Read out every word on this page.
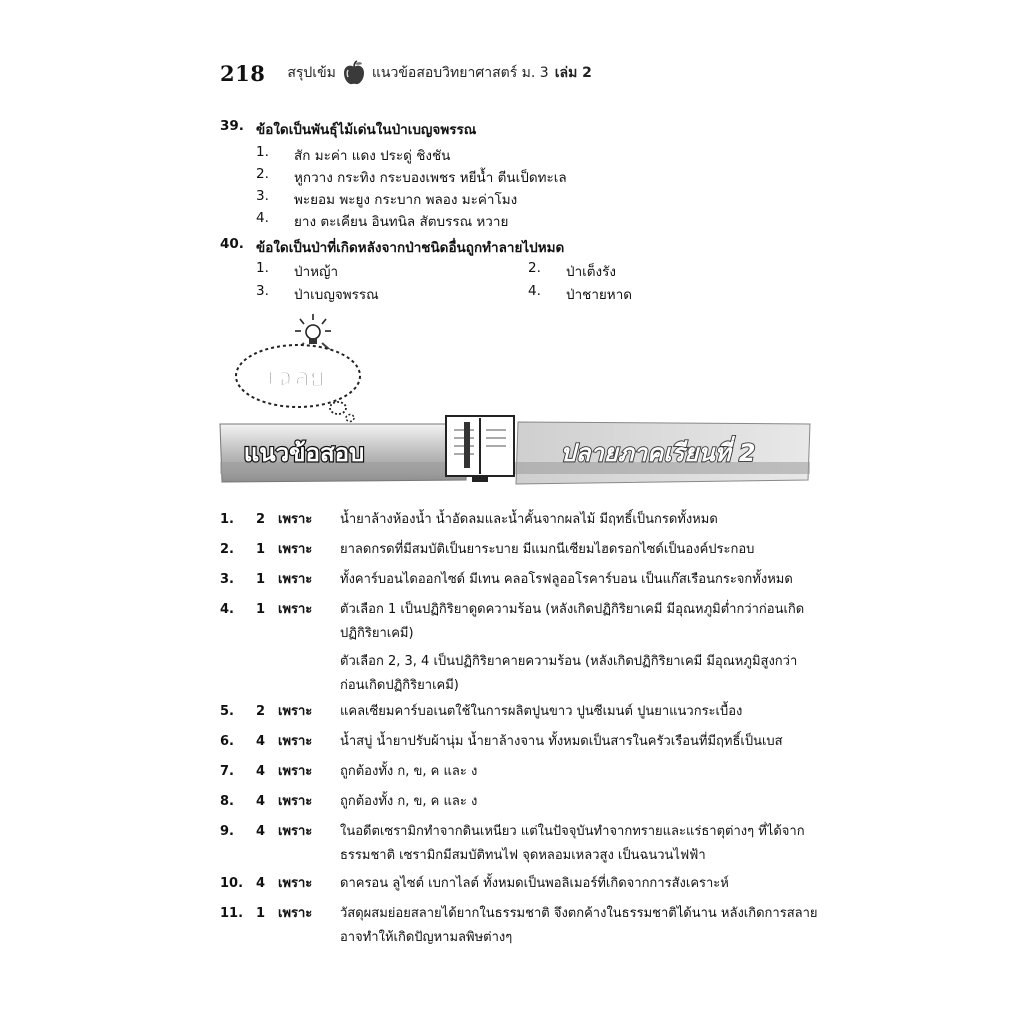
218 สรุปเข้ม	แนวข้อสอบวิทยาศาสตร์ ม. 3 เล่ม 2
39. ข้อใดเป็นพันธุ์ไม้เด่นในป่าเบญจพรรณ
1.	สัก มะค่า แดง ประดู่ ชิงชัน
2.	หูกวาง กระทิง กระบองเพชร หยีน้ำ ตีนเป็ดทะเล
3.	พะยอม พะยูง กระบาก พลอง มะค่าโมง
4.	ยาง ตะเคียน อินทนิล สัตบรรณ หวาย
40. ข้อใดเป็นป่าที่เกิดหลังจากป่าชนิดอื่นถูกทำลายไปหมด
1.	ป่าหญ้า	2.	ป่าเต็งรัง
3.	ป่าเบญจพรรณ	4.	ป่าชายหาด
เฉลย
แนวข้อสอบ	ปลายภาคเรียนที่ 2
1.	2 เพราะ น้ำยาล้างห้องน้ำ น้ำอัดลมและน้ำคั้นจากผลไม้ มีฤทธิ์เป็นกรดทั้งหมด
2.	1 เพราะ ยาลดกรดที่มีสมบัติเป็นยาระบาย มีแมกนีเซียมไฮดรอกไซด์เป็นองค์ประกอบ
3.	1 เพราะ ทั้งคาร์บอนไดออกไซด์ มีเทน คลอโรฟลูออโรคาร์บอน เป็นแก๊สเรือนกระจกทั้งหมด
4.	1 เพราะ ตัวเลือก 1 เป็นปฏิกิริยาดูดความร้อน (หลังเกิดปฏิกิริยาเคมี มีอุณหภูมิต่ำกว่าก่อนเกิดปฏิกิริยาเคมี)
ตัวเลือก 2, 3, 4 เป็นปฏิกิริยาคายความร้อน (หลังเกิดปฏิกิริยาเคมี มีอุณหภูมิสูงกว่าก่อนเกิดปฏิกิริยาเคมี)
5.	2 เพราะ แคลเซียมคาร์บอเนตใช้ในการผลิตปูนขาว ปูนซีเมนต์ ปูนยาแนวกระเบื้อง
6.	4 เพราะ น้ำสบู่ น้ำยาปรับผ้านุ่ม น้ำยาล้างจาน ทั้งหมดเป็นสารในครัวเรือนที่มีฤทธิ์เป็นเบส
7.	4 เพราะ ถูกต้องทั้ง ก, ข, ค และ ง
8.	4 เพราะ ถูกต้องทั้ง ก, ข, ค และ ง
9.	4 เพราะ ในอดีตเซรามิกทำจากดินเหนียว แต่ในปัจจุบันทำจากทรายและแร่ธาตุต่างๆ ที่ได้จากธรรมชาติ เซรามิกมีสมบัติทนไฟ จุดหลอมเหลวสูง เป็นฉนวนไฟฟ้า
10. 4 เพราะ ดาครอน ลูไซต์ เบกาไลต์ ทั้งหมดเป็นพอลิเมอร์ที่เกิดจากการสังเคราะห์
11. 1 เพราะ วัสดุผสมย่อยสลายได้ยากในธรรมชาติ จึงตกค้างในธรรมชาติได้นาน หลังเกิดการสลายอาจทำให้เกิดปัญหามลพิษต่างๆ
